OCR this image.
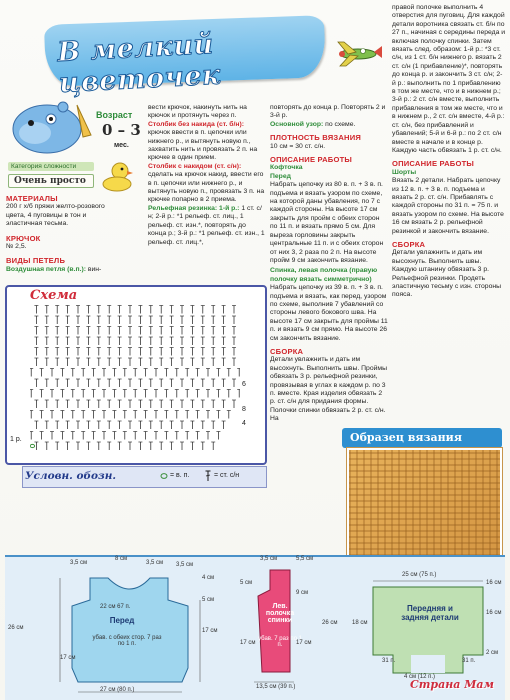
В мелкий цветочек
Возраст
0 – 3
мес.
Категория сложности
Очень просто
МАТЕРИАЛЫ
200 г х/б пряжи желто-розового цвета, 4 пуговицы в тон и эластичная тесьма.
КРЮЧОК
№ 2,5.
ВИДЫ ПЕТЕЛЬ
Воздушная петля (в.п.): вин-
вести крючок, накинуть нить на крючок и протянуть через п.
Столбик без накида (ст. б/н): крючок ввести в п. цепочки или нижнего р., и вытянуть новую п., захватить нить и провязать 2 п. на крючке в один прием.
Столбик с накидом (ст. с/н): сделать на крючок накид, ввести его в п. цепочки или нижнего р., и вытянуть новую п., провязать 3 п. на крючке попарно в 2 приема.
Рельефная резинка: 1-й р.: 1 ст. с/н; 2-й р.: *1 рельеф. ст. лиц., 1 рельеф. ст. изн.*, повторять до конца р.; 3-й р.: *1 рельеф. ст. изн., 1 рельеф. ст. лиц.*,
повторять до конца р. Повторять 2 и 3-й р.
Основной узор: по схеме.
ПЛОТНОСТЬ ВЯЗАНИЯ
10 см = 30 ст. с/н.
ОПИСАНИЕ РАБОТЫ
Кофточка
Перед
Набрать цепочку из 80 в. п. + 3 в. п. подъема и вязать узором по схеме, на которой даны убавления, по 7 с каждой стороны. На высоте 17 см закрыть для пройм с обеих сторон по 11 п. и вязать прямо 5 см. Для выреза горловины закрыть центральные 11 п. и с обеих сторон от них 3, 2 раза по 2 п. На высоте пройм 9 см закончить вязание.
Спинка, левая полочка (правую полочку вязать симметрично)
Набрать цепочку из 39 в. п. + 3 в. п. подъема и вязать, как перед, узором по схеме, выполнив 7 убавлений со стороны левого бокового шва. На высоте 17 см закрыть для проймы 11 п. и вязать 9 см прямо. На высоте 26 см закончить вязание.
СБОРКА
Детали увлажнить и дать им высохнуть. Выполнить швы. Проймы обвязать 3 р. рельефной резинки, провязывая в углах в каждом р. по 3 п. вместе. Края изделия обвязать 2 р. ст. с/н для придания формы. Полочки спинки обвязать 2 р. ст. с/н. На
правой полочке выполнить 4 отверстия для пуговиц. Для каждой детали воротника связать ст. б/н по 27 п., начиная с середины переда и включая полочку спинки. Затем вязать след. образом: 1-й р.: *3 ст. с/н, из 1 ст. б/н нижнего р. вязать 2 ст. с/н (1 прибавление)*, повторять до конца р. и закончить 3 ст. с/н; 2-й р.: выполнить по 1 прибавлению в том же месте, что и в нижнем р.; 3-й р.: 2 ст. с/н вместе, выполнить прибавления в том же месте, что и в нижнем р., 2 ст. с/н вместе, 4-й р.: ст. с/н, без прибавлений и убавлений; 5-й и 6-й р.: по 2 ст. с/н вместе в начале и в конце р. Каждую часть обвязать 1 р. ст. с/н.
ОПИСАНИЕ РАБОТЫ
Шорты
Вязать 2 детали. Набрать цепочку из 12 в. п. + 3 в. п. подъема и вязать 2 р. ст. с/н. Прибавлять с каждой стороны по 31 п. = 75 п. и вязать узором по схеме. На высоте 16 см вязать 2 р. рельефной резинкой и закончить вязание.
СБОРКА
Детали увлажнить и дать им высохнуть. Выполнить швы. Каждую штанину обвязать 3 р. Рельефной резинки. Продеть эластичную тесьму с изн. стороны пояса.
Схема
1 р.
4
6
8
Условн. обозн.	= в. п.	= ст. с/н
Образец вязания
Перед
22 см 67 п.
убав. с обеих стор. 7 раз по 1 п.
27 см (80 п.)
3,5 см
8 см
3,5 см 3,5 см
4 см
17 см
26 см
5 см
17 см
Лев. полочка спинки
убав. 7 раз по 1 п.
13,5 см (39 п.)
3,5 см	5,5 см
9 см
17 см
26 см
5 см
17 см
Передняя и задняя детали
25 см (75 п.)
4 см (12 п.)
18 см
16 см
2 см
16 см
31 п.	31 п.
Страна Мам
